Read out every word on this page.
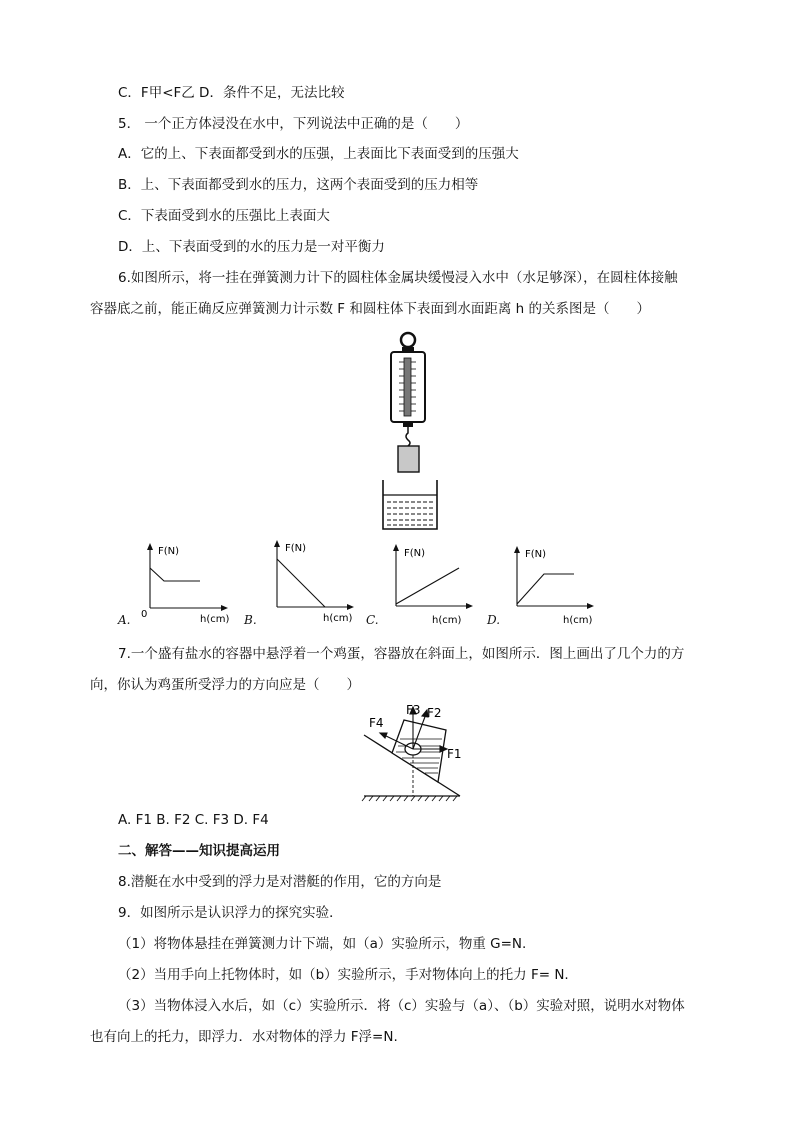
C．F甲<F乙 D．条件不足，无法比较
5． 一个正方体浸没在水中，下列说法中正确的是（　　）
A．它的上、下表面都受到水的压强，上表面比下表面受到的压强大
B．上、下表面都受到水的压力，这两个表面受到的压力相等
C．下表面受到水的压强比上表面大
D．上、下表面受到的水的压力是一对平衡力
6.如图所示，将一挂在弹簧测力计下的圆柱体金属块缓慢浸入水中（水足够深），在圆柱体接触
容器底之前，能正确反应弹簧测力计示数 F 和圆柱体下表面到水面距离 h 的关系图是（　　）
F(N)
0	h(cm)
A.
F(N)
h(cm)
B.
F(N)
h(cm)
C.
F(N)
h(cm)
D.
7.一个盛有盐水的容器中悬浮着一个鸡蛋，容器放在斜面上，如图所示．图上画出了几个力的方
向，你认为鸡蛋所受浮力的方向应是（　　）
F4
F3 F2
F1
A. F1 B. F2 C. F3 D. F4
二、解答——知识提高运用
8.潜艇在水中受到的浮力是对潜艇的作用，它的方向是
9．如图所示是认识浮力的探究实验．
（1）将物体悬挂在弹簧测力计下端，如（a）实验所示，物重 G=N.
（2）当用手向上托物体时，如（b）实验所示，手对物体向上的托力 F= N.
（3）当物体浸入水后，如（c）实验所示．将（c）实验与（a）、（b）实验对照，说明水对物体
也有向上的托力，即浮力．水对物体的浮力 F浮=N.
